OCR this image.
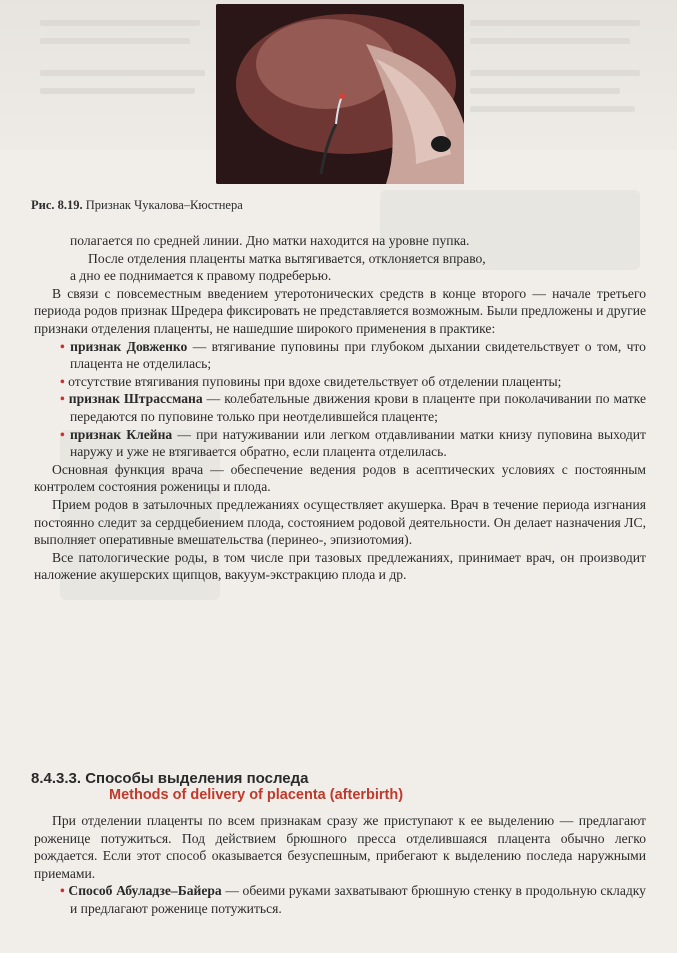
Рис. 8.19. Признак Чукалова–Кюстнера

полагается по средней линии. Дно матки находится на уровне пупка.

После отделения плаценты матка вытягивается, отклоняется вправо,

а дно ее поднимается к правому подреберью.

В связи с повсеместным введением утеротонических средств в конце второго — начале третьего периода родов признак Шредера фиксировать не представляется возможным. Были предложены и другие признаки отделения плаценты, не нашедшие широкого применения в практике:

• признак Довженко — втягивание пуповины при глубоком дыхании свидетельствует о том, что плацента не отделилась;
• отсутствие втягивания пуповины при вдохе свидетельствует об отделении плаценты;
• признак Штрассмана — колебательные движения крови в плаценте при поколачивании по матке передаются по пуповине только при неотделившейся плаценте;
• признак Клейна — при натуживании или легком отдавливании матки книзу пуповина выходит наружу и уже не втягивается обратно, если плацента отделилась.

Основная функция врача — обеспечение ведения родов в асептических условиях с постоянным контролем состояния роженицы и плода.

Прием родов в затылочных предлежаниях осуществляет акушерка. Врач в течение периода изгнания постоянно следит за сердцебиением плода, состоянием родовой деятельности. Он делает назначения ЛС, выполняет оперативные вмешательства (перинео-, эпизиотомия).

Все патологические роды, в том числе при тазовых предлежаниях, принимает врач, он производит наложение акушерских щипцов, вакуум-экстракцию плода и др.

8.4.3.3. Способы выделения последа
Methods of delivery of placenta (afterbirth)

При отделении плаценты по всем признакам сразу же приступают к ее выделению — предлагают роженице потужиться. Под действием брюшного пресса отделившаяся плацента обычно легко рождается. Если этот способ оказывается безуспешным, прибегают к выделению последа наружными приемами.

• Способ Абуладзе–Байера — обеими руками захватывают брюшную стенку в продольную складку и предлагают роженице потужиться.
